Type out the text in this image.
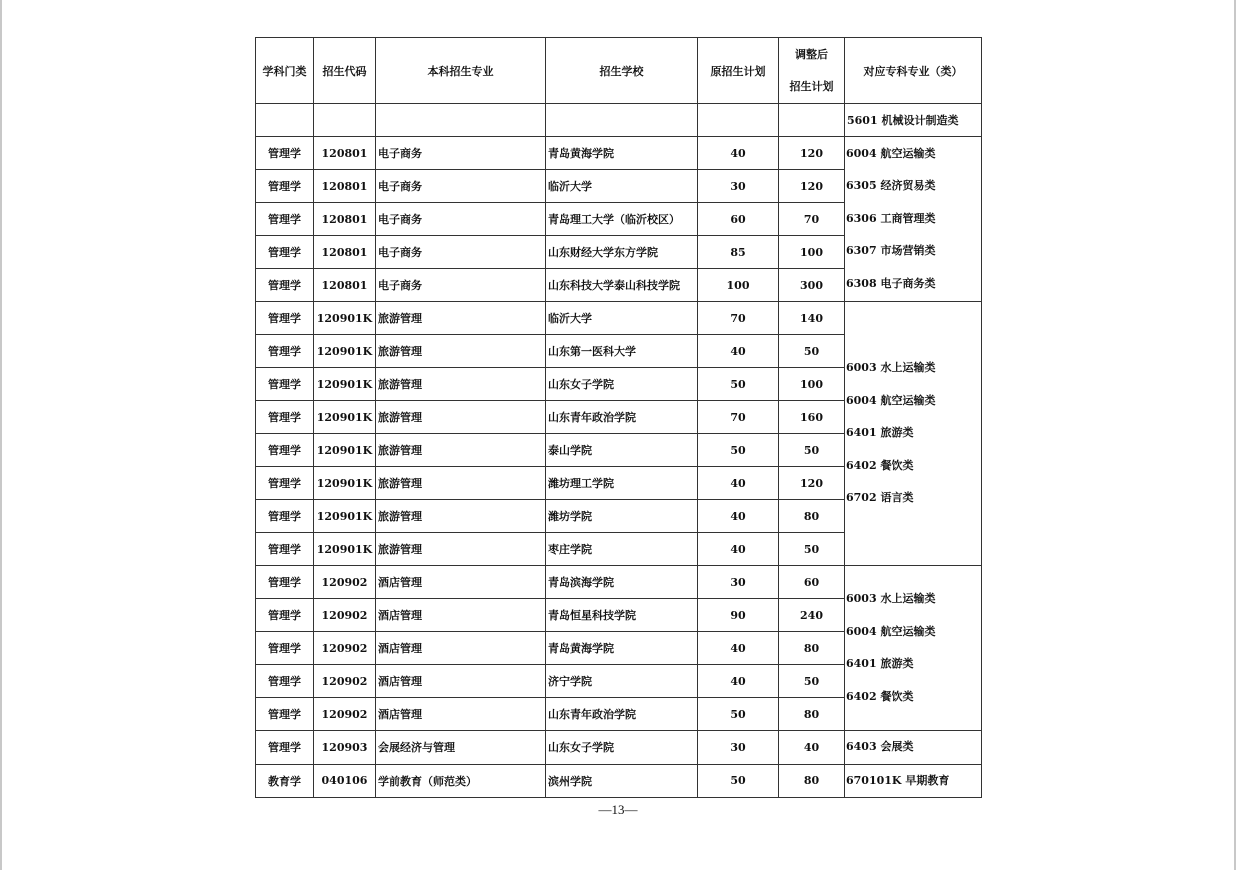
学科门类	招生代码	本科招生专业	招生学校	原招生计划	调整后
招生计划	对应专科专业（类）
						5601 机械设计制造类
管理学	120801	电子商务	青岛黄海学院	40	120	6004 航空运输类
6305 经济贸易类
6306 工商管理类
6307 市场营销类
6308 电子商务类

管理学	120801	电子商务	临沂大学	30	120	
管理学	120801	电子商务	青岛理工大学（临沂校区）	60	70	
管理学	120801	电子商务	山东财经大学东方学院	85	100	
管理学	120801	电子商务	山东科技大学泰山科技学院	100	300	
管理学	120901K	旅游管理	临沂大学	70	140	6003 水上运输类
6004 航空运输类
6401 旅游类
6402 餐饮类
6702 语言类

管理学	120901K	旅游管理	山东第一医科大学	40	50	
管理学	120901K	旅游管理	山东女子学院	50	100	
管理学	120901K	旅游管理	山东青年政治学院	70	160	
管理学	120901K	旅游管理	泰山学院	50	50	
管理学	120901K	旅游管理	潍坊理工学院	40	120	
管理学	120901K	旅游管理	潍坊学院	40	80	
管理学	120901K	旅游管理	枣庄学院	40	50	
管理学	120902	酒店管理	青岛滨海学院	30	60	6003 水上运输类
6004 航空运输类
6401 旅游类
6402 餐饮类

管理学	120902	酒店管理	青岛恒星科技学院	90	240	
管理学	120902	酒店管理	青岛黄海学院	40	80	
管理学	120902	酒店管理	济宁学院	40	50	
管理学	120902	酒店管理	山东青年政治学院	50	80	
管理学	120903	会展经济与管理	山东女子学院	30	40	6403 会展类

教育学	040106	学前教育（师范类）	滨州学院	50	80	670101K 早期教育
—13—
